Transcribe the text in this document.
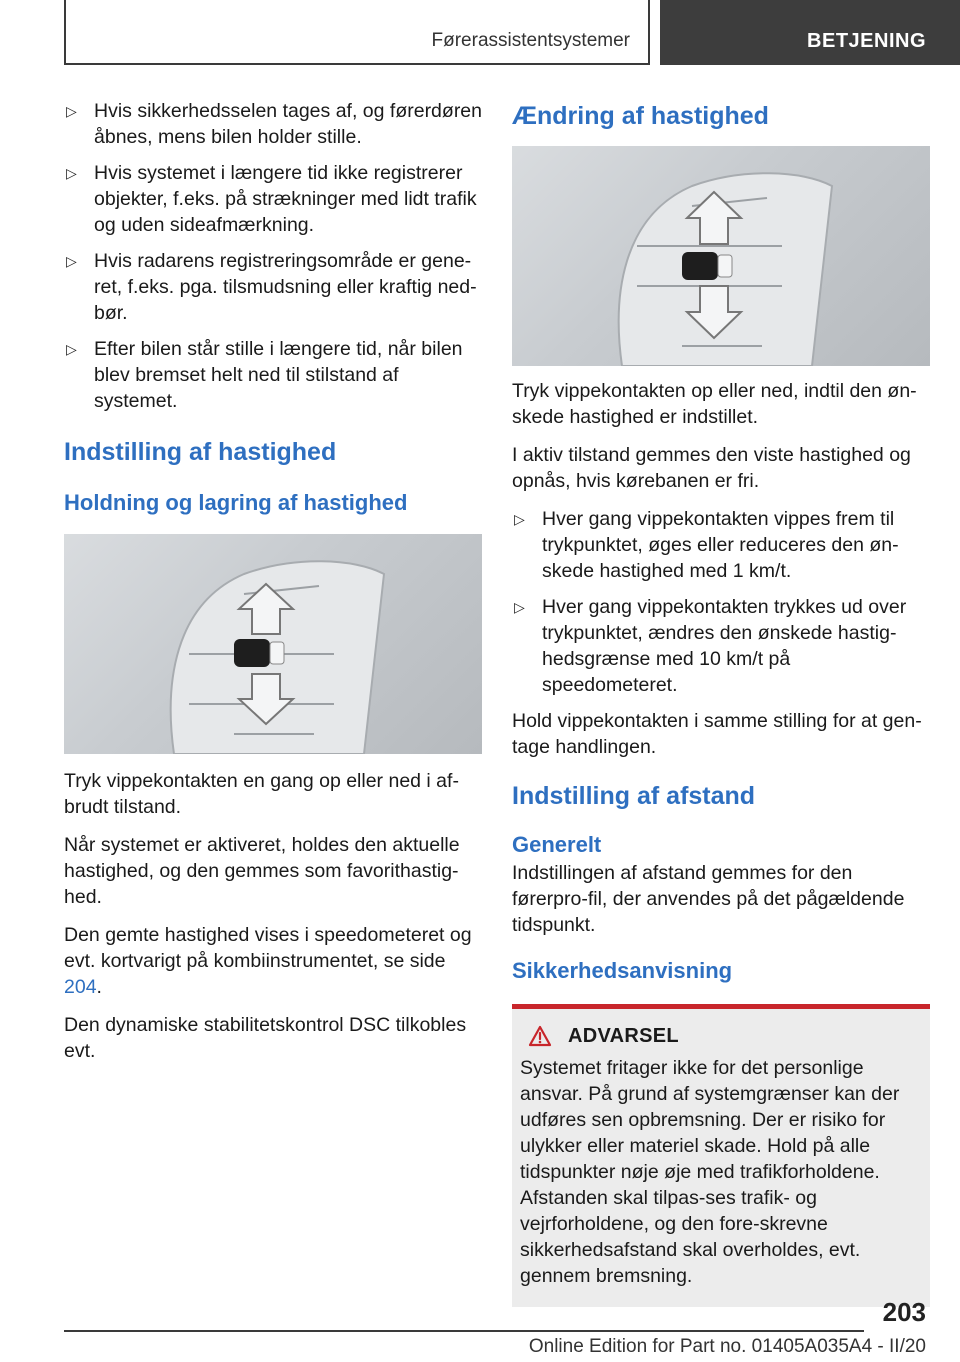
Førerassistentsystemer	BETJENING
▷ Hvis sikkerhedsselen tages af, og førerdøren åbnes, mens bilen holder stille.
▷ Hvis systemet i længere tid ikke registrerer objekter, f.eks. på strækninger med lidt trafik og uden sideafmærkning.
▷ Hvis radarens registreringsområde er gene-ret, f.eks. pga. tilsmudsning eller kraftig ned-bør.
▷ Efter bilen står stille i længere tid, når bilen blev bremset helt ned til stilstand af systemet.
Indstilling af hastighed
Holdning og lagring af hastighed

Tryk vippekontakten en gang op eller ned i af-brudt tilstand.

Når systemet er aktiveret, holdes den aktuelle hastighed, og den gemmes som favorithastig-hed.

Den gemte hastighed vises i speedometeret og evt. kortvarigt på kombiinstrumentet, se side 204.

Den dynamiske stabilitetskontrol DSC tilkobles evt.

Ændring af hastighed

Tryk vippekontakten op eller ned, indtil den øn-skede hastighed er indstillet.

I aktiv tilstand gemmes den viste hastighed og opnås, hvis kørebanen er fri.

▷ Hver gang vippekontakten vippes frem til trykpunktet, øges eller reduceres den øn-skede hastighed med 1 km/t.
▷ Hver gang vippekontakten trykkes ud over trykpunktet, ændres den ønskede hastig-hedsgrænse med 10 km/t på speedometeret.

Hold vippekontakten i samme stilling for at gen-tage handlingen.

Indstilling af afstand
Generelt

Indstillingen af afstand gemmes for den førerpro-fil, der anvendes på det pågældende tidspunkt.

Sikkerhedsanvisning
ADVARSEL
Systemet fritager ikke for det personlige ansvar. På grund af systemgrænser kan der udføres sen opbremsning. Der er risiko for ulykker eller materiel skade. Hold på alle tidspunkter nøje øje med trafikforholdene. Afstanden skal tilpas-ses trafik- og vejrforholdene, og den fore-skrevne sikkerhedsafstand skal overholdes, evt. gennem bremsning.
203
Online Edition for Part no. 01405A035A4 - II/20
